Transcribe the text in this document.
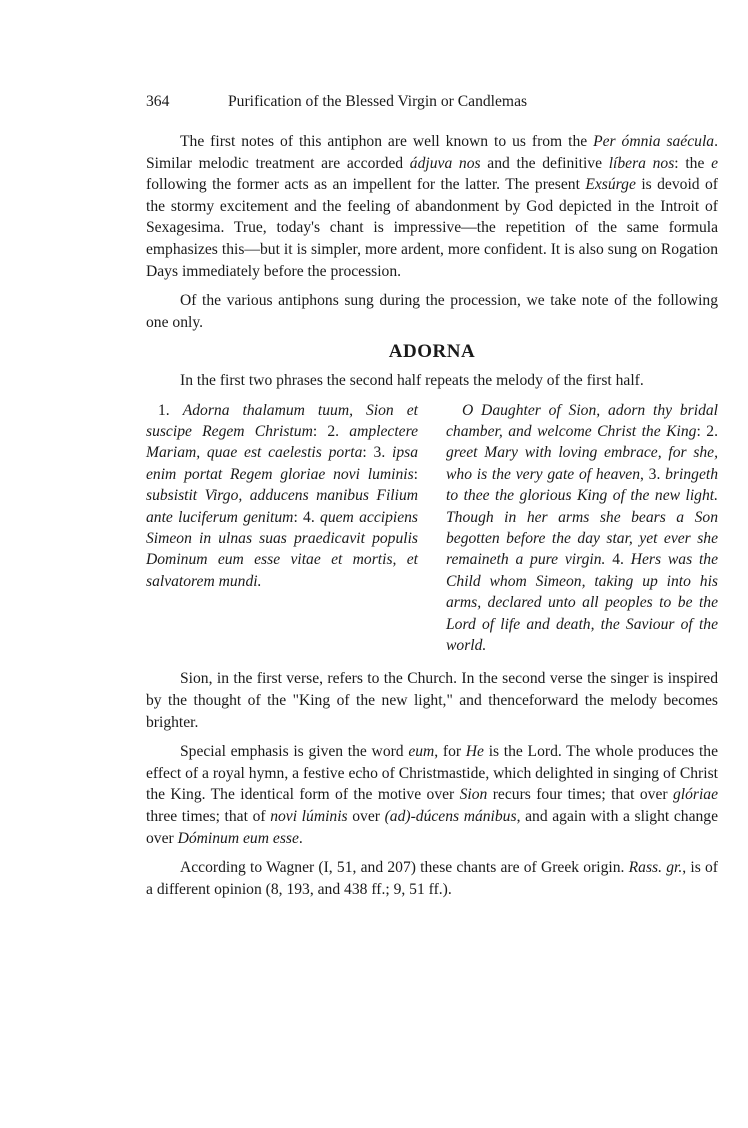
364	Purification of the Blessed Virgin or Candlemas

The first notes of this antiphon are well known to us from the Per ómnia saécula. Similar melodic treatment are accorded ádjuva nos and the definitive líbera nos: the e following the former acts as an impellent for the latter. The present Exsúrge is devoid of the stormy excitement and the feeling of abandonment by God depicted in the Introit of Sexagesima. True, today's chant is impressive—the repetition of the same formula emphasizes this—but it is simpler, more ardent, more confident. It is also sung on Rogation Days immediately before the procession.

Of the various antiphons sung during the procession, we take note of the following one only.

ADORNA

In the first two phrases the second half repeats the melody of the first half.

1. Adorna thalamum tuum, Sion et suscipe Regem Christum: 2. amplectere Mariam, quae est caelestis porta: 3. ipsa enim portat Regem gloriae novi luminis: subsistit Virgo, adducens manibus Filium ante luciferum genitum: 4. quem accipiens Simeon in ulnas suas praedicavit populis Dominum eum esse vitae et mortis, et salvatorem mundi.
O Daughter of Sion, adorn thy bridal chamber, and welcome Christ the King: 2. greet Mary with loving embrace, for she, who is the very gate of heaven, 3. bringeth to thee the glorious King of the new light. Though in her arms she bears a Son begotten before the day star, yet ever she remaineth a pure virgin. 4. Hers was the Child whom Simeon, taking up into his arms, declared unto all peoples to be the Lord of life and death, the Saviour of the world.

Sion, in the first verse, refers to the Church. In the second verse the singer is inspired by the thought of the "King of the new light," and thenceforward the melody becomes brighter.

Special emphasis is given the word eum, for He is the Lord. The whole produces the effect of a royal hymn, a festive echo of Christmastide, which delighted in singing of Christ the King. The identical form of the motive over Sion recurs four times; that over glóriae three times; that of novi lúminis over (ad)-dúcens mánibus, and again with a slight change over Dóminum eum esse.

According to Wagner (I, 51, and 207) these chants are of Greek origin. Rass. gr., is of a different opinion (8, 193, and 438 ff.; 9, 51 ff.).
